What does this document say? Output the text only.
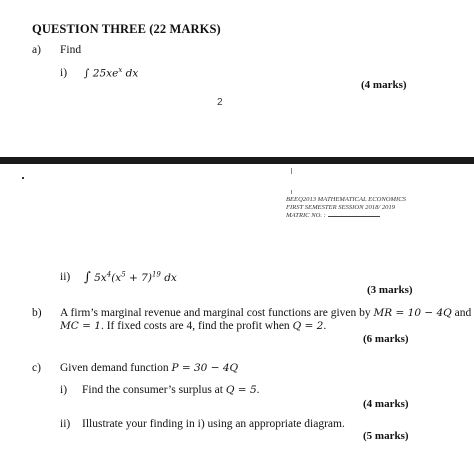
QUESTION THREE (22 MARKS)
a) Find
i) ∫ $25xe^x$ dx
(4 marks)
2
BEEQ2013 MATHEMATICAL ECONOMICS
FIRST SEMESTER SESSION 2018/ 2019
MATRIC NO. :
ii) ∫ $5x^4(x^5 + 7)^{19}$ dx
(3 marks)
b) A firm’s marginal revenue and marginal cost functions are given by MR = 10 − 4Q and
MC = 1. If fixed costs are 4, find the profit when Q = 2.
(6 marks)
c) Given demand function P = 30 − 4Q
i) Find the consumer’s surplus at Q = 5.
(4 marks)
ii) Illustrate your finding in i) using an appropriate diagram.
(5 marks)
